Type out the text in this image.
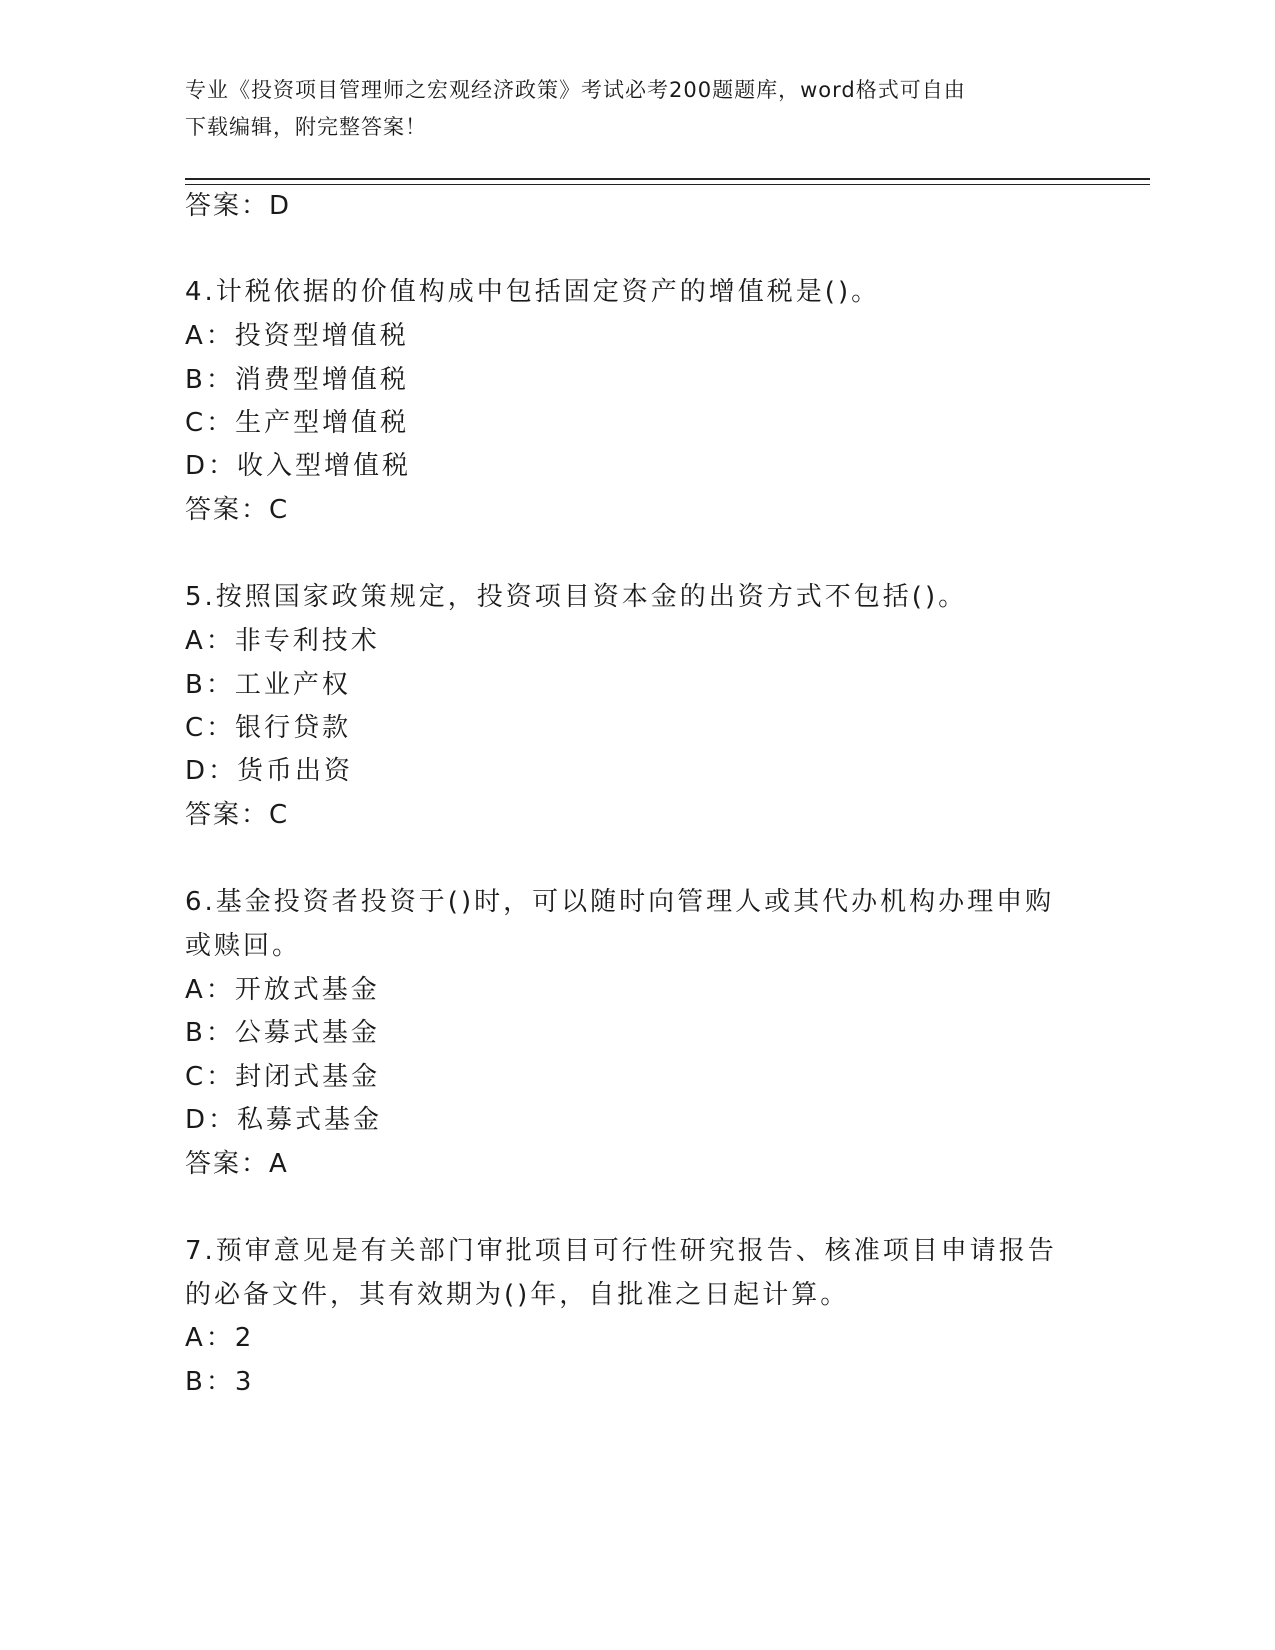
专业《投资项目管理师之宏观经济政策》考试必考200题题库，word格式可自由
下载编辑，附完整答案！
答案：D
4.计税依据的价值构成中包括固定资产的增值税是()。
A：投资型增值税
B：消费型增值税
C：生产型增值税
D：收入型增值税
答案：C
5.按照国家政策规定，投资项目资本金的出资方式不包括()。
A：非专利技术
B：工业产权
C：银行贷款
D：货币出资
答案：C
6.基金投资者投资于()时，可以随时向管理人或其代办机构办理申购
或赎回。
A：开放式基金
B：公募式基金
C：封闭式基金
D：私募式基金
答案：A
7.预审意见是有关部门审批项目可行性研究报告、核准项目申请报告
的必备文件，其有效期为()年，自批准之日起计算。
A：2
B：3
